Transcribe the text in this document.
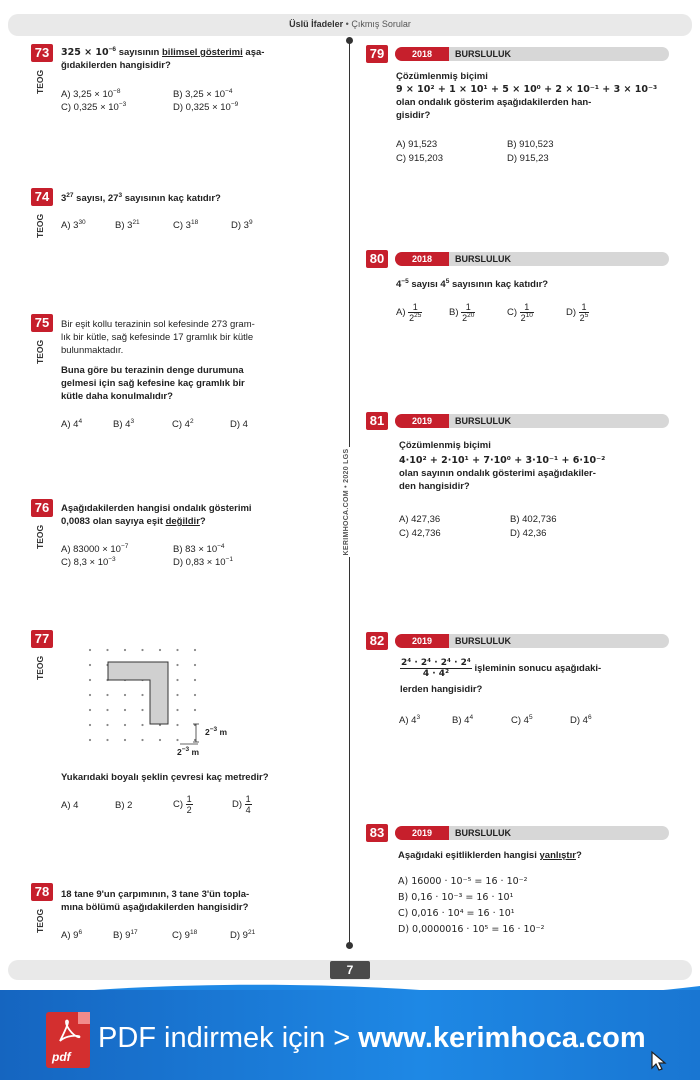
Üslü İfadeler • Çıkmış Sorular
KERIMHOCA.COM • 2020 LGS
73
TEOG
$325 \times 10^{-6}$ sayısının bilimsel gösterimi aşa-
ğıdakilerden hangisidir?
A) $3,25 \times 10^{-8}$	B) $3,25 \times 10^{-4}$
C) $0,325 \times 10^{-3}$	D) $0,325 \times 10^{-9}$
74
TEOG
$3^{27}$ sayısı, $27^3$ sayısının kaç katıdır?
A) $3^{30}$	B) $3^{21}$	C) $3^{18}$	D) $3^9$
75
TEOG
Bir eşit kollu terazinin sol kefesinde 273 gram-
lık bir kütle, sağ kefesinde 17 gramlık bir kütle
bulunmaktadır.
Buna göre bu terazinin denge durumuna
gelmesi için sağ kefesine kaç gramlık bir
kütle daha konulmalıdır?
A) $4^4$	B) $4^3$	C) $4^2$	D) 4
76
TEOG
Aşağıdakilerden hangisi ondalık gösterimi
0,0083 olan sayıya eşit değildir?
A) $83000 \times 10^{-7}$	B) $83 \times 10^{-4}$
C) $8,3 \times 10^{-3}$	D) $0,83 \times 10^{-1}$
77
TEOG
$2^{-3}$ m
$2^{-3}$ m
Yukarıdaki boyalı şeklin çevresi kaç metredir?
A) 4	B) 2	$C) \frac{1}{2}$	$D) \frac{1}{4}$
78
TEOG
18 tane 9'un çarpımının, 3 tane 3'ün topla-
mına bölümü aşağıdakilerden hangisidir?
A) $9^6$	B) $9^{17}$	C) $9^{18}$	D) $9^{21}$
2018	BURSLULUK
79
Çözümlenmiş biçimi
9 × 10² + 1 × 10¹ + 5 × 10⁰ + 2 × 10⁻¹ + 3 × 10⁻³
olan ondalık gösterim aşağıdakilerden han-
gisidir?
A) 91,523	B) 910,523
C) 915,203	D) 915,23
2018	BURSLULUK
80
$4^{-5}$ sayısı $4^5$ sayısının kaç katıdır?
$A) \frac{1}{2^{25}}$	$B) \frac{1}{2^{20}}$	$C) \frac{1}{2^{10}}$	$D) \frac{1}{2^5}$
2019	BURSLULUK
81
Çözümlenmiş biçimi
4·10² + 2·10¹ + 7·10⁰ + 3·10⁻¹ + 6·10⁻²
olan sayının ondalık gösterimi aşağıdakiler-
den hangisidir?
A) 427,36	B) 402,736
C) 42,736	D) 42,36
2019	BURSLULUK
82
$\frac{\text{2⁴ · 2⁴ · 2⁴ · 2⁴}}{\text{4 · 4²}}$ işleminin sonucu aşağıdaki-
lerden hangisidir?
A) $4^3$	B) $4^4$	C) $4^5$	D) $4^6$
2019	BURSLULUK
83
Aşağıdaki eşitliklerden hangisi yanlıştır?
A) 16000 · 10⁻⁵ = 16 · 10⁻²
B) 0,16 · 10⁻³ = 16 · 10¹
C) 0,016 · 10⁴ = 16 · 10¹
D) 0,0000016 · 10⁵ = 16 · 10⁻²
7
pdf
PDF indirmek için > www.kerimhoca.com
